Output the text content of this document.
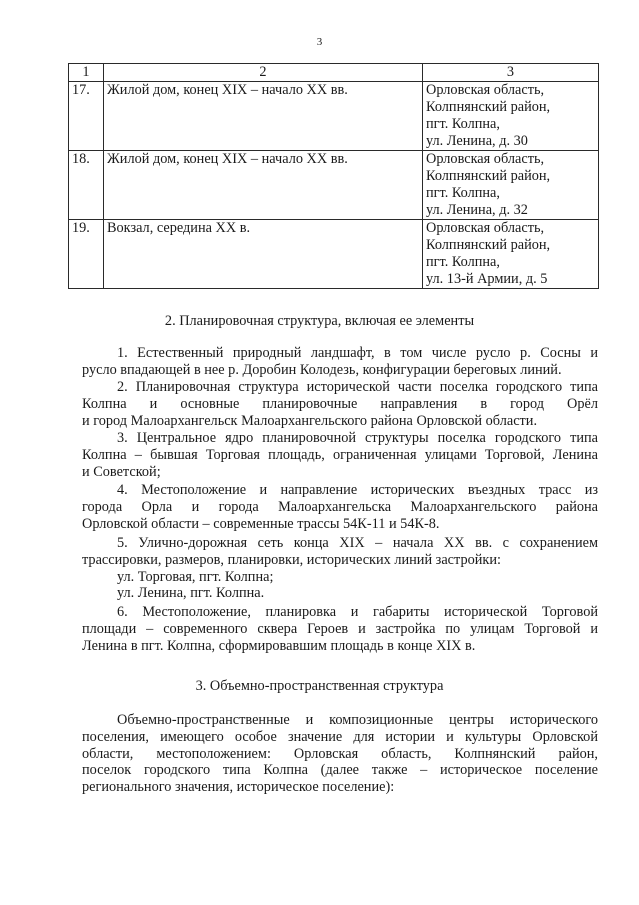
3
1	2	3
17.	Жилой дом, конец XIX – начало XX вв.	Орловская область,
Колпнянский район,
пгт. Колпна,
ул. Ленина, д. 30

18.	Жилой дом, конец XIX – начало XX вв.	Орловская область,
Колпнянский район,
пгт. Колпна,
ул. Ленина, д. 32

19.	Вокзал, середина XX в.	Орловская область,
Колпнянский район,
пгт. Колпна,
ул. 13-й Армии, д. 5
2. Планировочная структура, включая ее элементы
1. Естественный природный ландшафт, в том числе русло р. Сосны и
русло впадающей в нее р. Доробин Колодезь, конфигурации береговых линий.
2. Планировочная структура исторической части поселка городского типа
Колпна и основные планировочные направления в город Орёл
и город Малоархангельск Малоархангельского района Орловской области.
3. Центральное ядро планировочной структуры поселка городского типа
Колпна – бывшая Торговая площадь, ограниченная улицами Торговой, Ленина
и Советской;
4. Местоположение и направление исторических въездных трасс из
города Орла и города Малоархангельска Малоархангельского района
Орловской области – современные трассы 54К-11 и 54К-8.
5. Улично-дорожная сеть конца XIX – начала XX вв. с сохранением
трассировки, размеров, планировки, исторических линий застройки:
ул. Торговая, пгт. Колпна;
ул. Ленина, пгт. Колпна.
6. Местоположение, планировка и габариты исторической Торговой
площади – современного сквера Героев и застройка по улицам Торговой и
Ленина в пгт. Колпна, сформировавшим площадь в конце XIX в.
3. Объемно-пространственная структура
Объемно-пространственные и композиционные центры исторического
поселения, имеющего особое значение для истории и культуры Орловской
области, местоположением: Орловская область, Колпнянский район,
поселок городского типа Колпна (далее также – историческое поселение
регионального значения, историческое поселение):
